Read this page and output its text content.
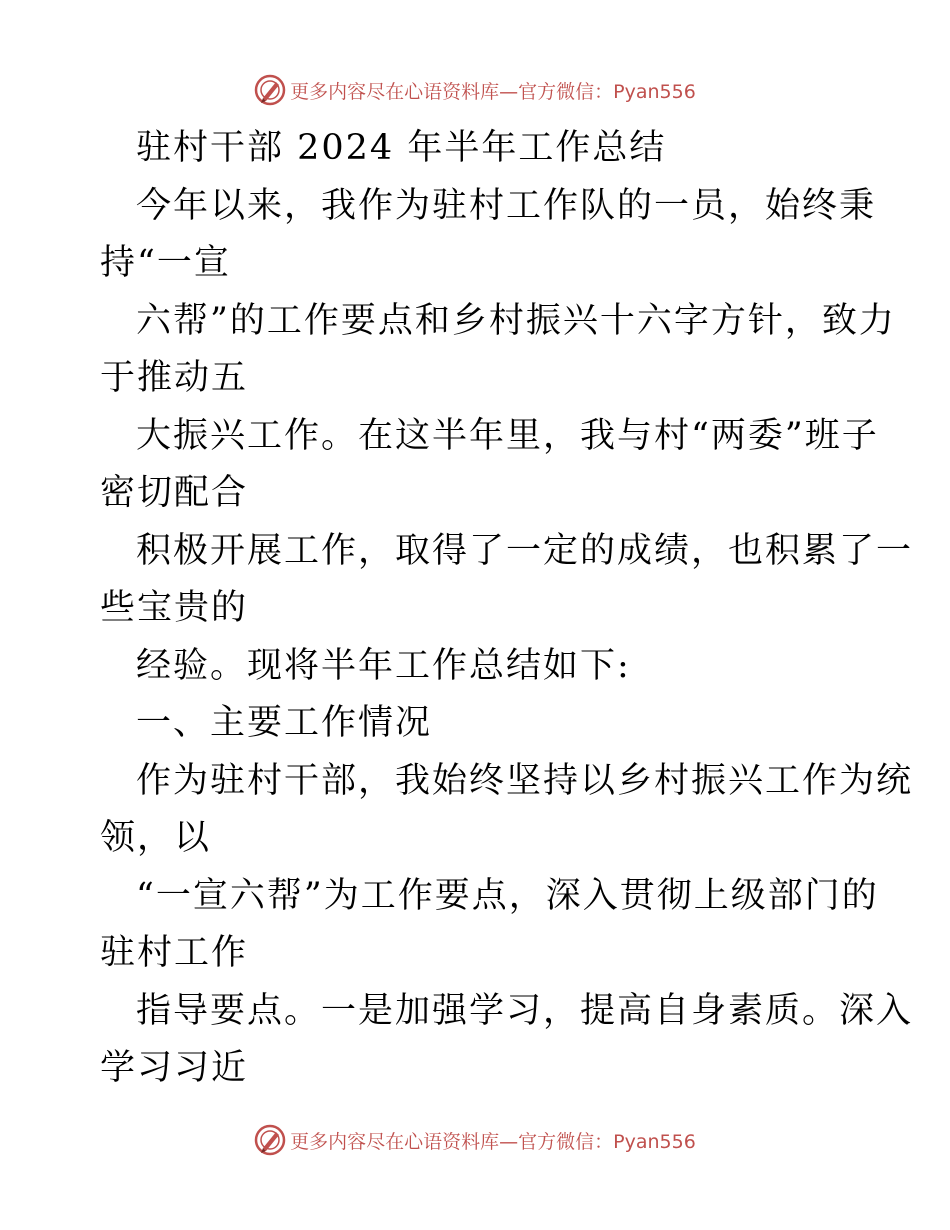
更多内容尽在心语资料库—官方微信：Pyan556
驻村干部 2024 年半年工作总结
今年以来，我作为驻村工作队的一员，始终秉
持“一宣
六帮”的工作要点和乡村振兴十六字方针，致力
于推动五
大振兴工作。在这半年里，我与村“两委”班子
密切配合
积极开展工作，取得了一定的成绩，也积累了一
些宝贵的
经验。现将半年工作总结如下:
一、主要工作情况
作为驻村干部，我始终坚持以乡村振兴工作为统
领，以
“一宣六帮”为工作要点，深入贯彻上级部门的
驻村工作
指导要点。一是加强学习，提高自身素质。深入
学习习近
更多内容尽在心语资料库—官方微信：Pyan556
